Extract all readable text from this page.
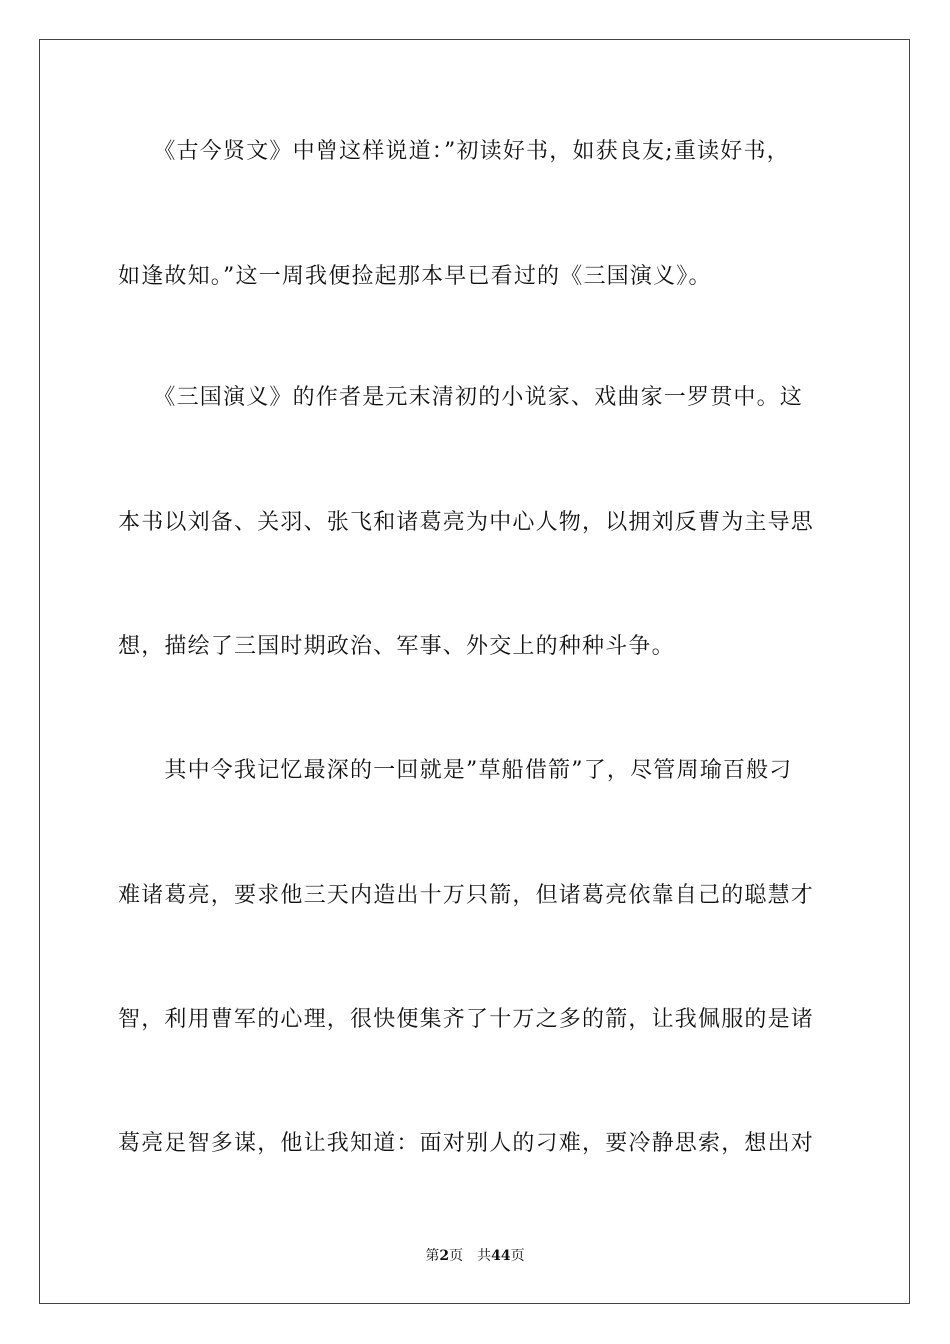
　　《古今贤文》中曾这样说道：”初读好书，如获良友;重读好书，
如逢故知。”这一周我便捡起那本早已看过的《三国演义》。
　　《三国演义》的作者是元末清初的小说家、戏曲家一罗贯中。这
本书以刘备、关羽、张飞和诸葛亮为中心人物，以拥刘反曹为主导思
想，描绘了三国时期政治、军事、外交上的种种斗争。
　　其中令我记忆最深的一回就是”草船借箭”了，尽管周瑜百般刁
难诸葛亮，要求他三天内造出十万只箭，但诸葛亮依靠自己的聪慧才
智，利用曹军的心理，很快便集齐了十万之多的箭，让我佩服的是诸
葛亮足智多谋，他让我知道：面对别人的刁难，要冷静思索，想出对
第2页　共44页
